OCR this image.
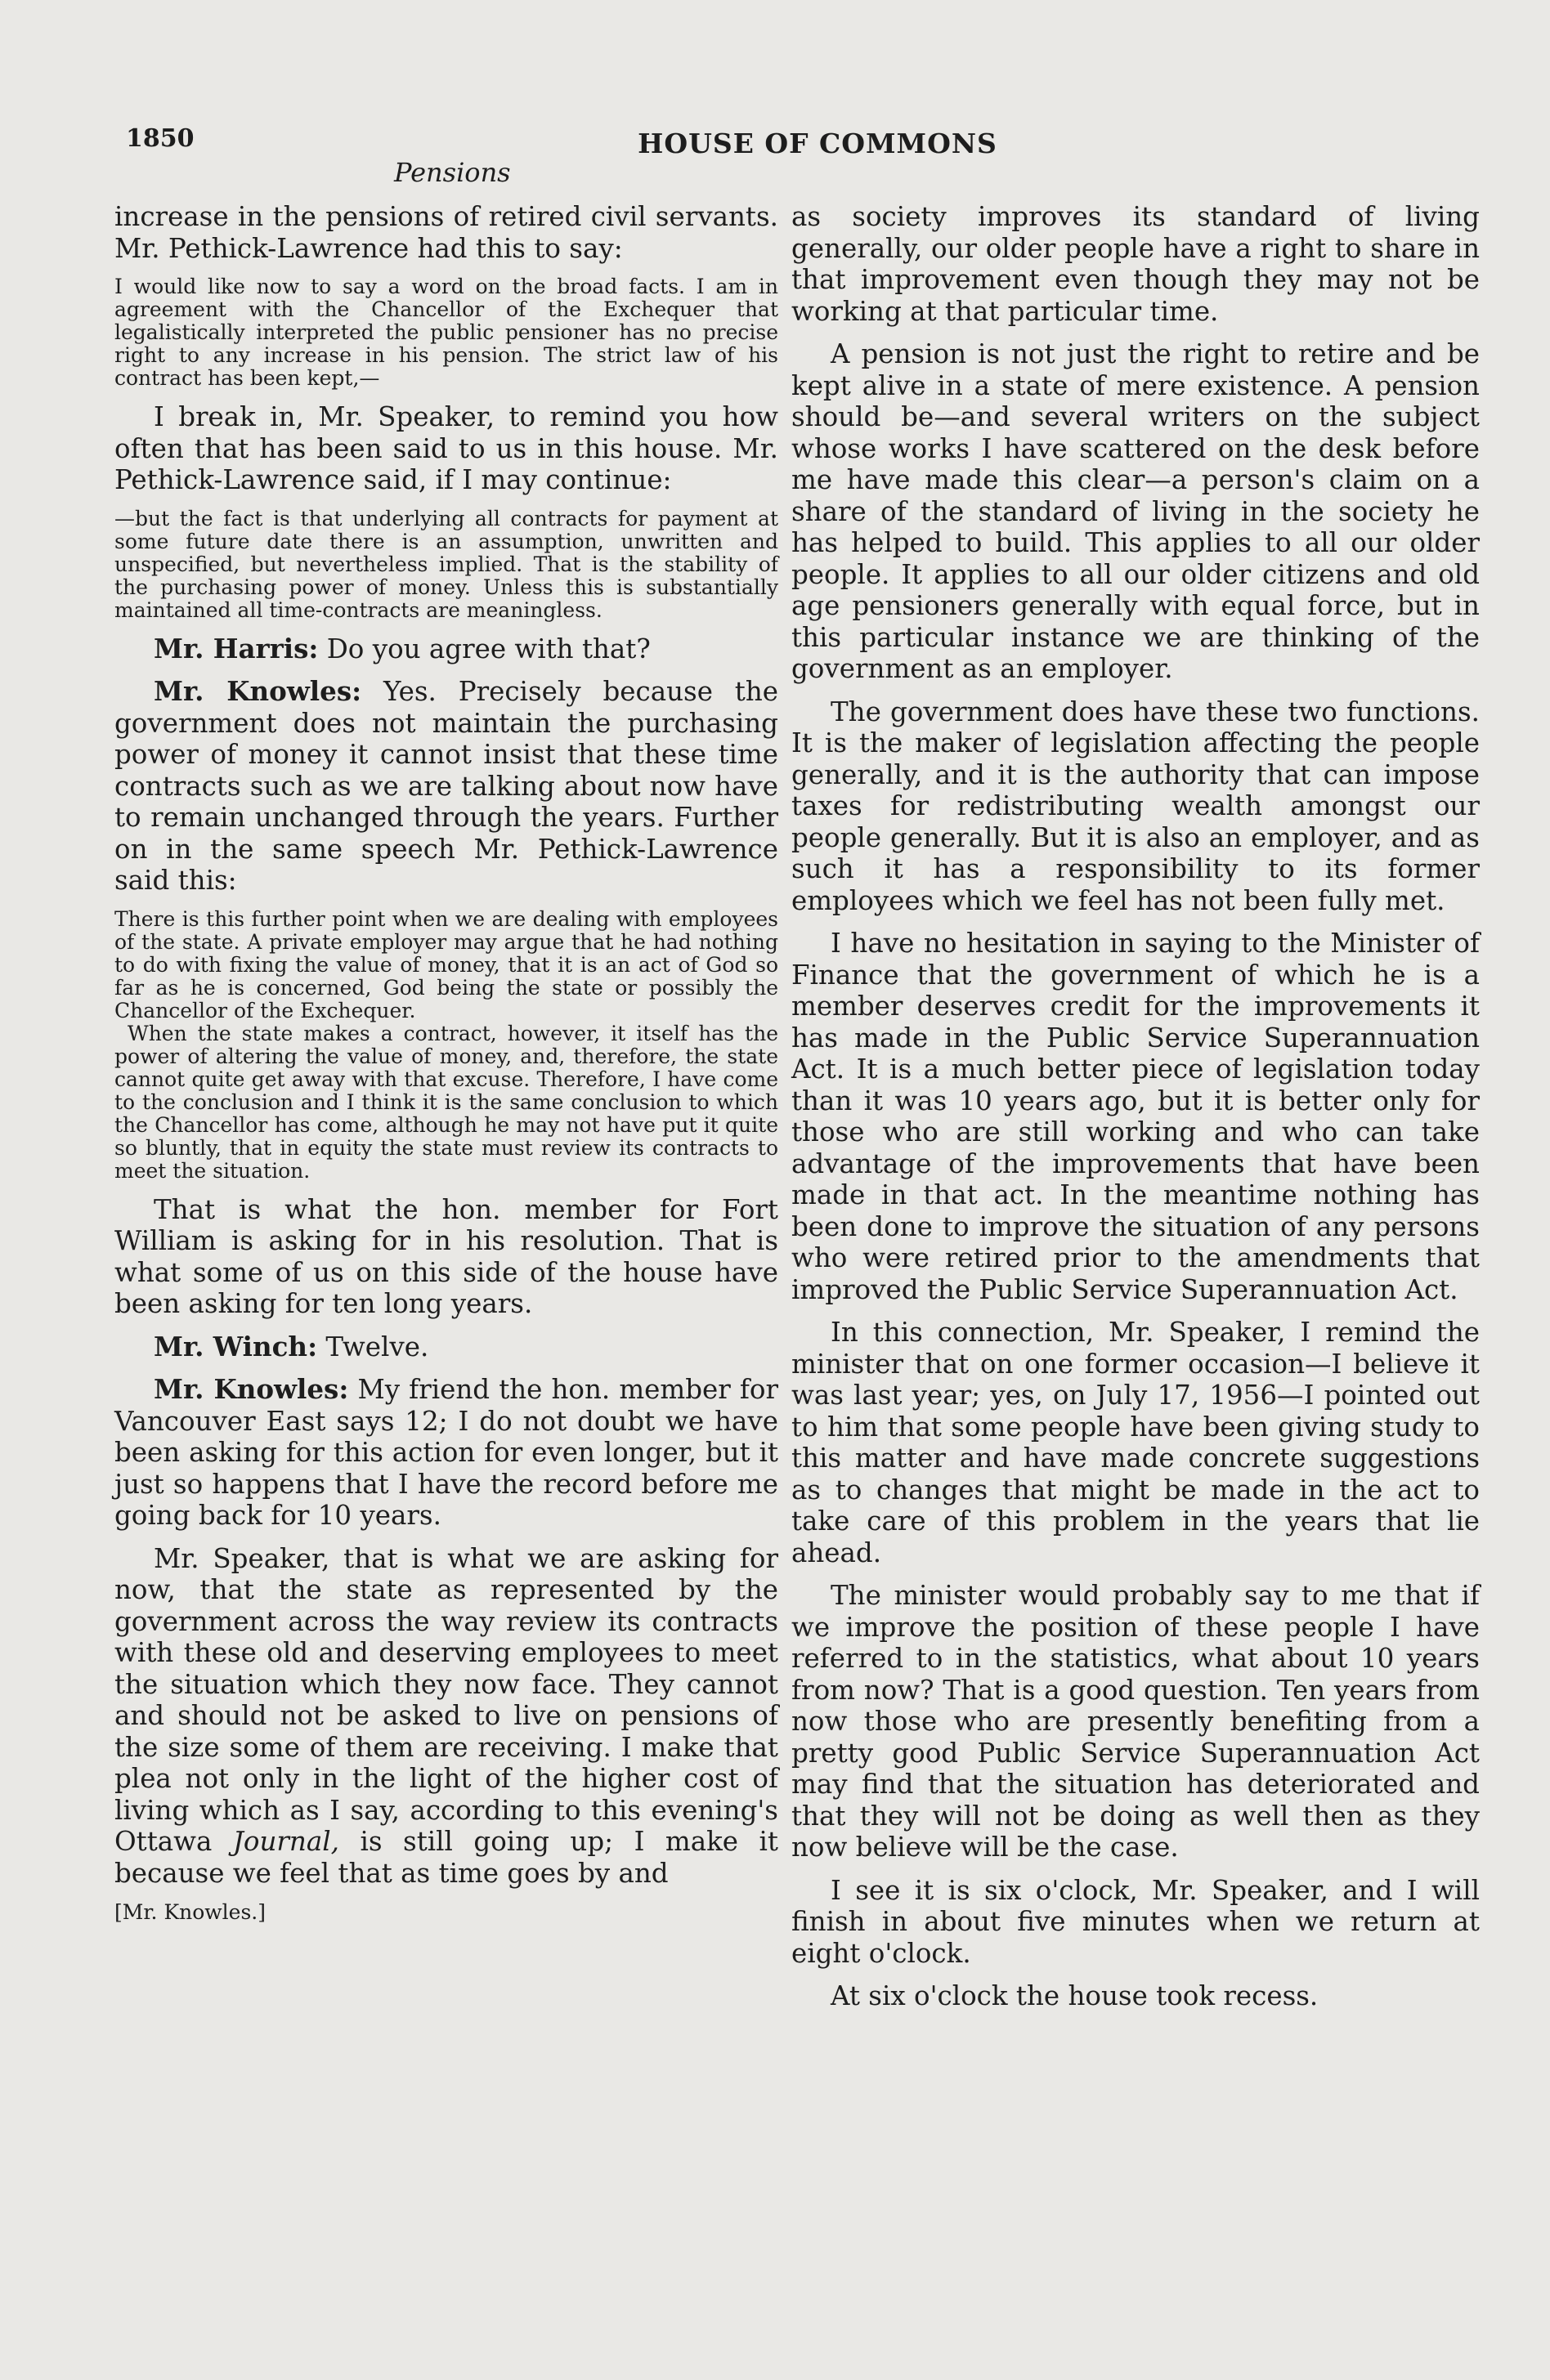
1850	HOUSE OF COMMONS
Pensions

increase in the pensions of retired civil servants. Mr. Pethick-Lawrence had this to say:

I would like now to say a word on the broad facts. I am in agreement with the Chancellor of the Exchequer that legalistically interpreted the public pensioner has no precise right to any increase in his pension. The strict law of his contract has been kept,—

I break in, Mr. Speaker, to remind you how often that has been said to us in this house. Mr. Pethick-Lawrence said, if I may continue:

—but the fact is that underlying all contracts for payment at some future date there is an assumption, unwritten and unspecified, but nevertheless implied. That is the stability of the purchasing power of money. Unless this is substantially maintained all time-contracts are meaningless.

Mr. Harris: Do you agree with that?

Mr. Knowles: Yes. Precisely because the government does not maintain the purchasing power of money it cannot insist that these time contracts such as we are talking about now have to remain unchanged through the years. Further on in the same speech Mr. Pethick-Lawrence said this:

There is this further point when we are dealing with employees of the state. A private employer may argue that he had nothing to do with fixing the value of money, that it is an act of God so far as he is concerned, God being the state or possibly the Chancellor of the Exchequer.

When the state makes a contract, however, it itself has the power of altering the value of money, and, therefore, the state cannot quite get away with that excuse. Therefore, I have come to the conclusion and I think it is the same conclusion to which the Chancellor has come, although he may not have put it quite so bluntly, that in equity the state must review its contracts to meet the situation.

That is what the hon. member for Fort William is asking for in his resolution. That is what some of us on this side of the house have been asking for ten long years.

Mr. Winch: Twelve.

Mr. Knowles: My friend the hon. member for Vancouver East says 12; I do not doubt we have been asking for this action for even longer, but it just so happens that I have the record before me going back for 10 years.

Mr. Speaker, that is what we are asking for now, that the state as represented by the government across the way review its contracts with these old and deserving employees to meet the situation which they now face. They cannot and should not be asked to live on pensions of the size some of them are receiving. I make that plea not only in the light of the higher cost of living which as I say, according to this evening's Ottawa Journal, is still going up; I make it because we feel that as time goes by and

[Mr. Knowles.]

as society improves its standard of living generally, our older people have a right to share in that improvement even though they may not be working at that particular time.

A pension is not just the right to retire and be kept alive in a state of mere existence. A pension should be—and several writers on the subject whose works I have scattered on the desk before me have made this clear—a person's claim on a share of the standard of living in the society he has helped to build. This applies to all our older people. It applies to all our older citizens and old age pensioners generally with equal force, but in this particular instance we are thinking of the government as an employer.

The government does have these two functions. It is the maker of legislation affecting the people generally, and it is the authority that can impose taxes for redistributing wealth amongst our people generally. But it is also an employer, and as such it has a responsibility to its former employees which we feel has not been fully met.

I have no hesitation in saying to the Minister of Finance that the government of which he is a member deserves credit for the improvements it has made in the Public Service Superannuation Act. It is a much better piece of legislation today than it was 10 years ago, but it is better only for those who are still working and who can take advantage of the improvements that have been made in that act. In the meantime nothing has been done to improve the situation of any persons who were retired prior to the amendments that improved the Public Service Superannuation Act.

In this connection, Mr. Speaker, I remind the minister that on one former occasion—I believe it was last year; yes, on July 17, 1956—I pointed out to him that some people have been giving study to this matter and have made concrete suggestions as to changes that might be made in the act to take care of this problem in the years that lie ahead.

The minister would probably say to me that if we improve the position of these people I have referred to in the statistics, what about 10 years from now? That is a good question. Ten years from now those who are presently benefiting from a pretty good Public Service Superannuation Act may find that the situation has deteriorated and that they will not be doing as well then as they now believe will be the case.

I see it is six o'clock, Mr. Speaker, and I will finish in about five minutes when we return at eight o'clock.

At six o'clock the house took recess.
